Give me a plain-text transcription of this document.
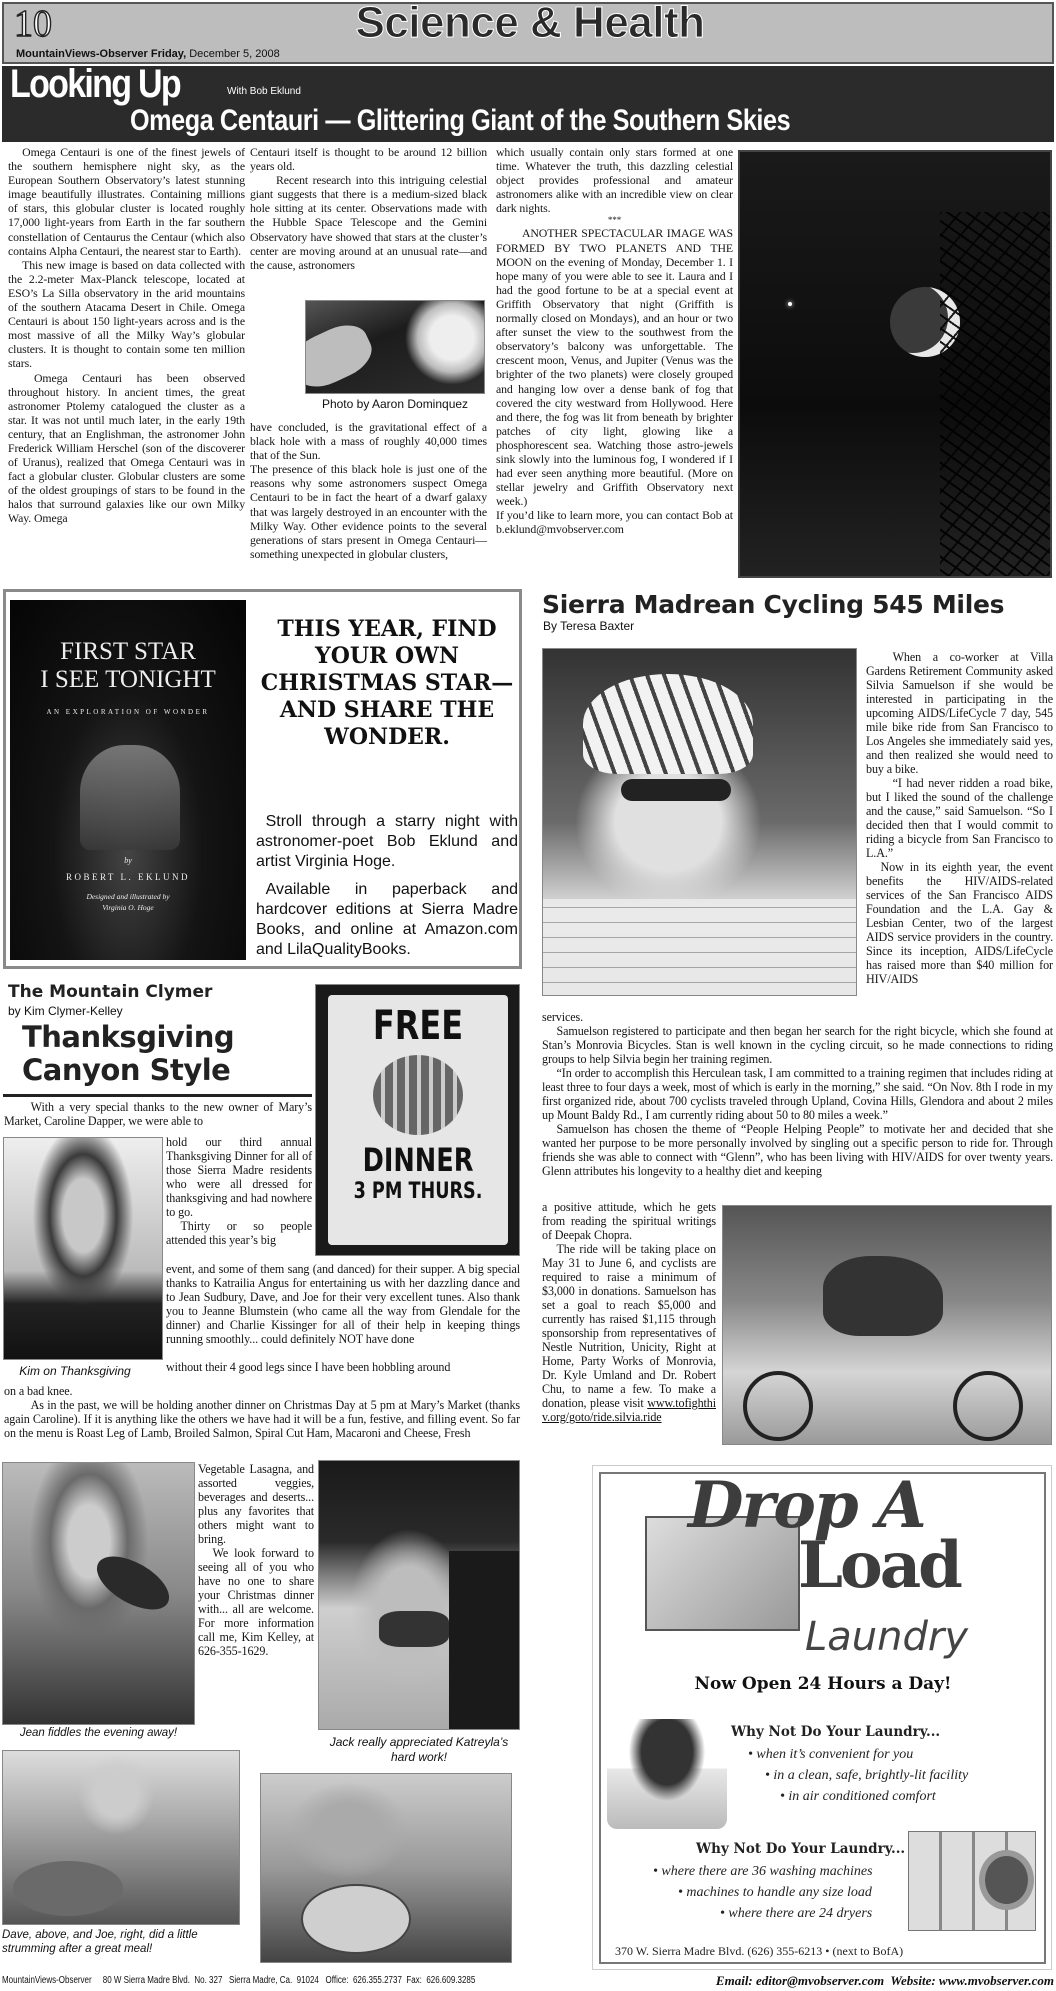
10	Science & Health
MountainViews-Observer Friday, December 5, 2008
Looking Up	With Bob Eklund
Omega Centauri — Glittering Giant of the Southern Skies

Omega Centauri is one of the finest jewels of the southern hemisphere night sky, as the European Southern Observatory’s latest stunning image beautifully illustrates. Containing millions of stars, this globular cluster is located roughly 17,000 light-years from Earth in the far southern constellation of Centaurus the Centaur (which also contains Alpha Centauri, the nearest star to Earth).

This new image is based on data collected with the 2.2-meter Max-Planck telescope, located at ESO’s La Silla observatory in the arid mountains of the southern Atacama Desert in Chile. Omega Centauri is about 150 light-years across and is the most massive of all the Milky Way’s globular clusters. It is thought to contain some ten million stars.

Omega Centauri has been observed throughout history. In ancient times, the great astronomer Ptolemy catalogued the cluster as a star. It was not until much later, in the early 19th century, that an Englishman, the astronomer John Frederick William Herschel (son of the discoverer of Uranus), realized that Omega Centauri was in fact a globular cluster. Globular clusters are some of the oldest groupings of stars to be found in the halos that surround galaxies like our own Milky Way. Omega

Centauri itself is thought to be around 12 billion years old.

Recent research into this intriguing celestial giant suggests that there is a medium-sized black hole sitting at its center. Observations made with the Hubble Space Telescope and the Gemini Observatory have showed that stars at the cluster’s center are moving around at an unusual rate—and the cause, astronomers

Photo by Aaron Dominquez

have concluded, is the gravitational effect of a black hole with a mass of roughly 40,000 times that of the Sun.

The presence of this black hole is just one of the reasons why some astronomers suspect Omega Centauri to be in fact the heart of a dwarf galaxy that was largely destroyed in an encounter with the Milky Way. Other evidence points to the several generations of stars present in Omega Centauri—something unexpected in globular clusters,

which usually contain only stars formed at one time. Whatever the truth, this dazzling celestial object provides professional and amateur astronomers alike with an incredible view on clear dark nights.

***

ANOTHER SPECTACULAR IMAGE WAS FORMED BY TWO PLANETS AND THE MOON on the evening of Monday, December 1. I hope many of you were able to see it. Laura and I had the good fortune to be at a special event at Griffith Observatory that night (Griffith is normally closed on Mondays), and an hour or two after sunset the view to the southwest from the observatory’s balcony was unforgettable. The crescent moon, Venus, and Jupiter (Venus was the brighter of the two planets) were closely grouped and hanging low over a dense bank of fog that covered the city westward from Hollywood. Here and there, the fog was lit from beneath by brighter patches of city light, glowing like a phosphorescent sea. Watching those astro-jewels sink slowly into the luminous fog, I wondered if I had ever seen anything more beautiful. (More on stellar jewelry and Griffith Observatory next week.)

If you’d like to learn more, you can contact Bob at b.eklund@mvobserver.com

FIRST STAR
I SEE TONIGHT
AN EXPLORATION OF WONDER
by
ROBERT L. EKLUND
Designed and illustrated by
Virginia O. Hoge
THIS YEAR, FIND YOUR OWN CHRISTMAS STAR—AND SHARE THE WONDER.
Stroll through a starry night with astronomer-poet Bob Eklund and artist Virginia Hoge.
Available in paperback and hardcover editions at Sierra Madre Books, and online at Amazon.com and LilaQualityBooks.
Sierra Madrean Cycling 545 Miles
By Teresa Baxter

When a co-worker at Villa Gardens Retirement Community asked Silvia Samuelson if she would be interested in participating in the upcoming AIDS/LifeCycle 7 day, 545 mile bike ride from San Francisco to Los Angeles she immediately said yes, and then realized she would need to buy a bike.

“I had never ridden a road bike, but I liked the sound of the challenge and the cause,” said Samuelson. “So I decided then that I would commit to riding a bicycle from San Francisco to L.A.”

Now in its eighth year, the event benefits the HIV/AIDS-related services of the San Francisco AIDS Foundation and the L.A. Gay & Lesbian Center, two of the largest AIDS service providers in the country. Since its inception, AIDS/LifeCycle has raised more than $40 million for HIV/AIDS

services.

Samuelson registered to participate and then began her search for the right bicycle, which she found at Stan’s Monrovia Bicycles. Stan is well known in the cycling circuit, so he made connections to riding groups to help Silvia begin her training regimen.

“In order to accomplish this Herculean task, I am committed to a training regimen that includes riding at least three to four days a week, most of which is early in the morning,” she said. “On Nov. 8th I rode in my first organized ride, about 700 cyclists traveled through Upland, Covina Hills, Glendora and about 2 miles up Mount Baldy Rd., I am currently riding about 50 to 80 miles a week.”

Samuelson has chosen the theme of “People Helping People” to motivate her and decided that she wanted her purpose to be more personally involved by singling out a specific person to ride for. Through friends she was able to connect with “Glenn”, who has been living with HIV/AIDS for over twenty years. Glenn attributes his longevity to a healthy diet and keeping

a positive attitude, which he gets from reading the spiritual writings of Deepak Chopra.

The ride will be taking place on May 31 to June 6, and cyclists are required to raise a minimum of $3,000 in donations. Samuelson has set a goal to reach $5,000 and currently has raised $1,115 through sponsorship from representatives of Nestle Nutrition, Unicity, Right at Home, Party Works of Monrovia, Dr. Kyle Umland and Dr. Robert Chu, to name a few. To make a donation, please visit www.tofighthiv.org/goto/ride.silvia.ride

The Mountain Clymer
by Kim Clymer-Kelley
Thanksgiving
Canyon Style

With a very special thanks to the new owner of Mary’s Market, Caroline Dapper, we were able to

FREE
DINNER
3 PM THURS.
Kim on Thanksgiving

hold our third annual Thanksgiving Dinner for all of those Sierra Madre residents who were all dressed for thanksgiving and had nowhere to go.

Thirty or so people attended this year’s big

event, and some of them sang (and danced) for their supper. A big special thanks to Katrailia Angus for entertaining us with her dazzling dance and to Jean Sudbury, Dave, and Joe for their very excellent tunes. Also thank you to Jeanne Blumstein (who came all the way from Glendale for the dinner) and Charlie Kissinger for all of their help in keeping things running smoothly... could definitely NOT have done

without their 4 good legs since I have been hobbling around

on a bad knee.

As in the past, we will be holding another dinner on Christmas Day at 5 pm at Mary’s Market (thanks again Caroline). If it is anything like the others we have had it will be a fun, festive, and filling event. So far on the menu is Roast Leg of Lamb, Broiled Salmon, Spiral Cut Ham, Macaroni and Cheese, Fresh

Jean fiddles the evening away!

Vegetable Lasagna, and assorted veggies, beverages and deserts... plus any favorites that others might want to bring.

We look forward to seeing all of you who have no one to share your Christmas dinner with... all are welcome. For more information call me, Kim Kelley, at 626-355-1629.

Jack really appreciated Katreyla’s hard work!
Dave, above, and Joe, right, did a little strumming after a great meal!
Drop A
Load
Laundry
Now Open 24 Hours a Day!
Why Not Do Your Laundry...
• when it’s convenient for you
• in a clean, safe, brightly-lit facility
• in air conditioned comfort
Why Not Do Your Laundry...
• where there are 36 washing machines
• machines to handle any size load
• where there are 24 dryers
370 W. Sierra Madre Blvd. (626) 355-6213 • (next to BofA)
MountainViews-Observer     80 W Sierra Madre Blvd.  No. 327   Sierra Madre, Ca.  91024   Office:  626.355.2737  Fax:  626.609.3285	Email: editor@mvobserver.com  Website: www.mvobserver.com
